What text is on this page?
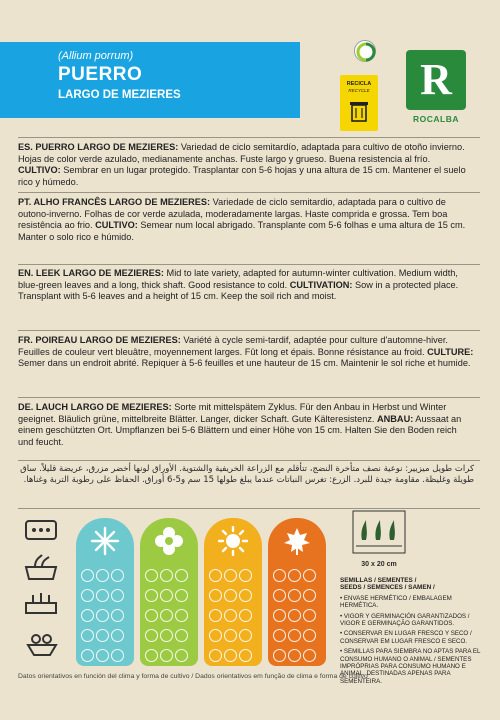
(Allium porrum)
PUERRO
LARGO DE MEZIERES
RECICLA
RECYCLE	R
ROCALBA
ES. PUERRO LARGO DE MEZIERES: Variedad de ciclo semitardío, adaptada para cultivo de otoño invierno. Hojas de color verde azulado, medianamente anchas. Fuste largo y grueso. Buena resistencia al frío. CULTIVO: Sembrar en un lugar protegido. Trasplantar con 5-6 hojas y una altura de 15 cm. Mantener el suelo rico y húmedo.
PT. ALHO FRANCÊS LARGO DE MEZIERES: Variedade de ciclo semitardio, adaptada para o cultivo de outono-inverno. Folhas de cor verde azulada, moderadamente largas. Haste comprida e grossa. Tem boa resistência ao frio. CULTIVO: Semear num local abrigado. Transplante com 5-6 folhas e uma altura de 15 cm. Manter o solo rico e húmido.
EN. LEEK LARGO DE MEZIERES: Mid to late variety, adapted for autumn-winter cultivation. Medium width, blue-green leaves and a long, thick shaft. Good resistance to cold. CULTIVATION: Sow in a protected place. Transplant with 5-6 leaves and a height of 15 cm. Keep the soil rich and moist.
FR. POIREAU LARGO DE MEZIERES: Variété à cycle semi-tardif, adaptée pour culture d'automne-hiver. Feuilles de couleur vert bleuâtre, moyennement larges. Fût long et épais. Bonne résistance au froid. CULTURE: Semer dans un endroit abrité. Repiquer à 5-6 feuilles et une hauteur de 15 cm. Maintenir le sol riche et humide.
DE. LAUCH LARGO DE MEZIERES: Sorte mit mittelspätem Zyklus. Für den Anbau in Herbst und Winter geeignet. Bläulich grüne, mittelbreite Blätter. Langer, dicker Schaft. Gute Kälteresistenz. ANBAU: Aussaat an einem geschützten Ort. Umpflanzen bei 5-6 Blättern und einer Höhe von 15 cm. Halten Sie den Boden reich und feucht.
كرات طويل ميزيير: نوعية نصف متأخرة النضج، تتأقلم مع الزراعة الخريفية والشتوية. الأوراق لونها أخضر مزرق، عريضة قليلاً. ساق طويلة وغليظة. مقاومة جيدة للبرد. الزرع: تغرس النباتات عندما يبلغ طولها 15 سم و5-6 أوراق. الحفاظ على رطوبة التربة وغناها.
30 x 20 cm
SEMILLAS / SEMENTES /
SEEDS / SEMENCES / SAMEN /
• ENVASE HERMÉTICO / EMBALAGEM HERMÉTICA.
• VIGOR Y GERMINACIÓN GARANTIZADOS / VIGOR E GERMINAÇÃO GARANTIDOS.
• CONSERVAR EN LUGAR FRESCO Y SECO / CONSERVAR EM LUGAR FRESCO E SECO.
• SEMILLAS PARA SIEMBRA NO APTAS PARA EL CONSUMO HUMANO O ANIMAL / SEMENTES IMPRÓPRIAS PARA CONSUMO HUMANO E ANIMAL. DESTINADAS APENAS PARA SEMENTEIRA.
Datos orientativos en función del clima y forma de cultivo / Dados orientativos em função de clima e forma de cultivo
